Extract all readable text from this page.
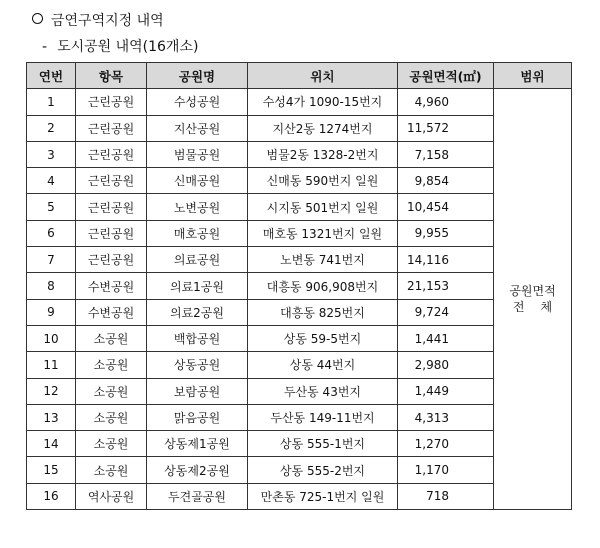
금연구역지정 내역
- 도시공원 내역(16개소)
연번	항목	공원명	위치	공원면적(㎡)	범위
1	근린공원	수성공원	수성4가 1090-15번지	4,960	공원면적

전체

2	근린공원	지산공원	지산2동 1274번지	11,572	
3	근린공원	범물공원	범물2동 1328-2번지	7,158	
4	근린공원	신매공원	신매동 590번지 일원	9,854	
5	근린공원	노변공원	시지동 501번지 일원	10,454	
6	근린공원	매호공원	매호동 1321번지 일원	9,955	
7	근린공원	의료공원	노변동 741번지	14,116	
8	수변공원	의료1공원	대흥동 906,908번지	21,153	
9	수변공원	의료2공원	대흥동 825번지	9,724	
10	소공원	백합공원	상동 59-5번지	1,441	
11	소공원	상동공원	상동 44번지	2,980	
12	소공원	보람공원	두산동 43번지	1,449	
13	소공원	맑음공원	두산동 149-11번지	4,313	
14	소공원	상동제1공원	상동 555-1번지	1,270	
15	소공원	상동제2공원	상동 555-2번지	1,170	
16	역사공원	두견골공원	만촌동 725-1번지 일원	718	
